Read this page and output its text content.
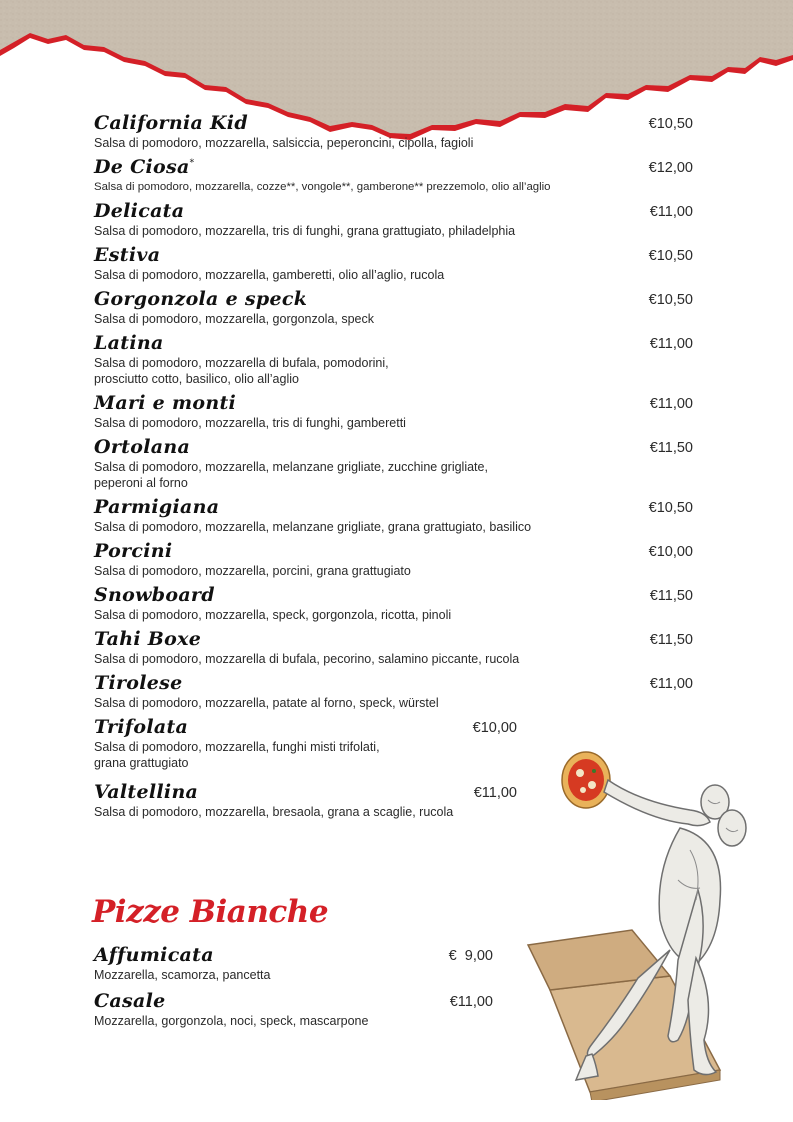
California Kid
Salsa di pomodoro, mozzarella, salsiccia, peperoncini, cipolla, fagioli
€10,50
De Ciosa*
Salsa di pomodoro, mozzarella, cozze**, vongole**, gamberone** prezzemolo, olio all’aglio
€12,00
Delicata
Salsa di pomodoro, mozzarella, tris di funghi, grana grattugiato, philadelphia
€11,00
Estiva
Salsa di pomodoro, mozzarella, gamberetti, olio all’aglio, rucola
€10,50
Gorgonzola e speck
Salsa di pomodoro, mozzarella, gorgonzola, speck
€10,50
Latina
Salsa di pomodoro, mozzarella di bufala, pomodorini,
prosciutto cotto, basilico, olio all’aglio
€11,00
Mari e monti
Salsa di pomodoro, mozzarella, tris di funghi, gamberetti
€11,00
Ortolana
Salsa di pomodoro, mozzarella, melanzane grigliate, zucchine grigliate,
peperoni al forno
€11,50
Parmigiana
Salsa di pomodoro, mozzarella, melanzane grigliate, grana grattugiato, basilico
€10,50
Porcini
Salsa di pomodoro, mozzarella, porcini, grana grattugiato
€10,00
Snowboard
Salsa di pomodoro, mozzarella, speck, gorgonzola, ricotta, pinoli
€11,50
Tahi Boxe
Salsa di pomodoro, mozzarella di bufala, pecorino, salamino piccante, rucola
€11,50
Tirolese
Salsa di pomodoro, mozzarella, patate al forno, speck, würstel
€11,00
Trifolata
Salsa di pomodoro, mozzarella, funghi misti trifolati,
grana grattugiato
€10,00
Valtellina
Salsa di pomodoro, mozzarella, bresaola, grana a scaglie, rucola
€11,00
Pizze Bianche
Affumicata
Mozzarella, scamorza, pancetta
€  9,00
Casale
Mozzarella, gorgonzola, noci, speck, mascarpone
€11,00
